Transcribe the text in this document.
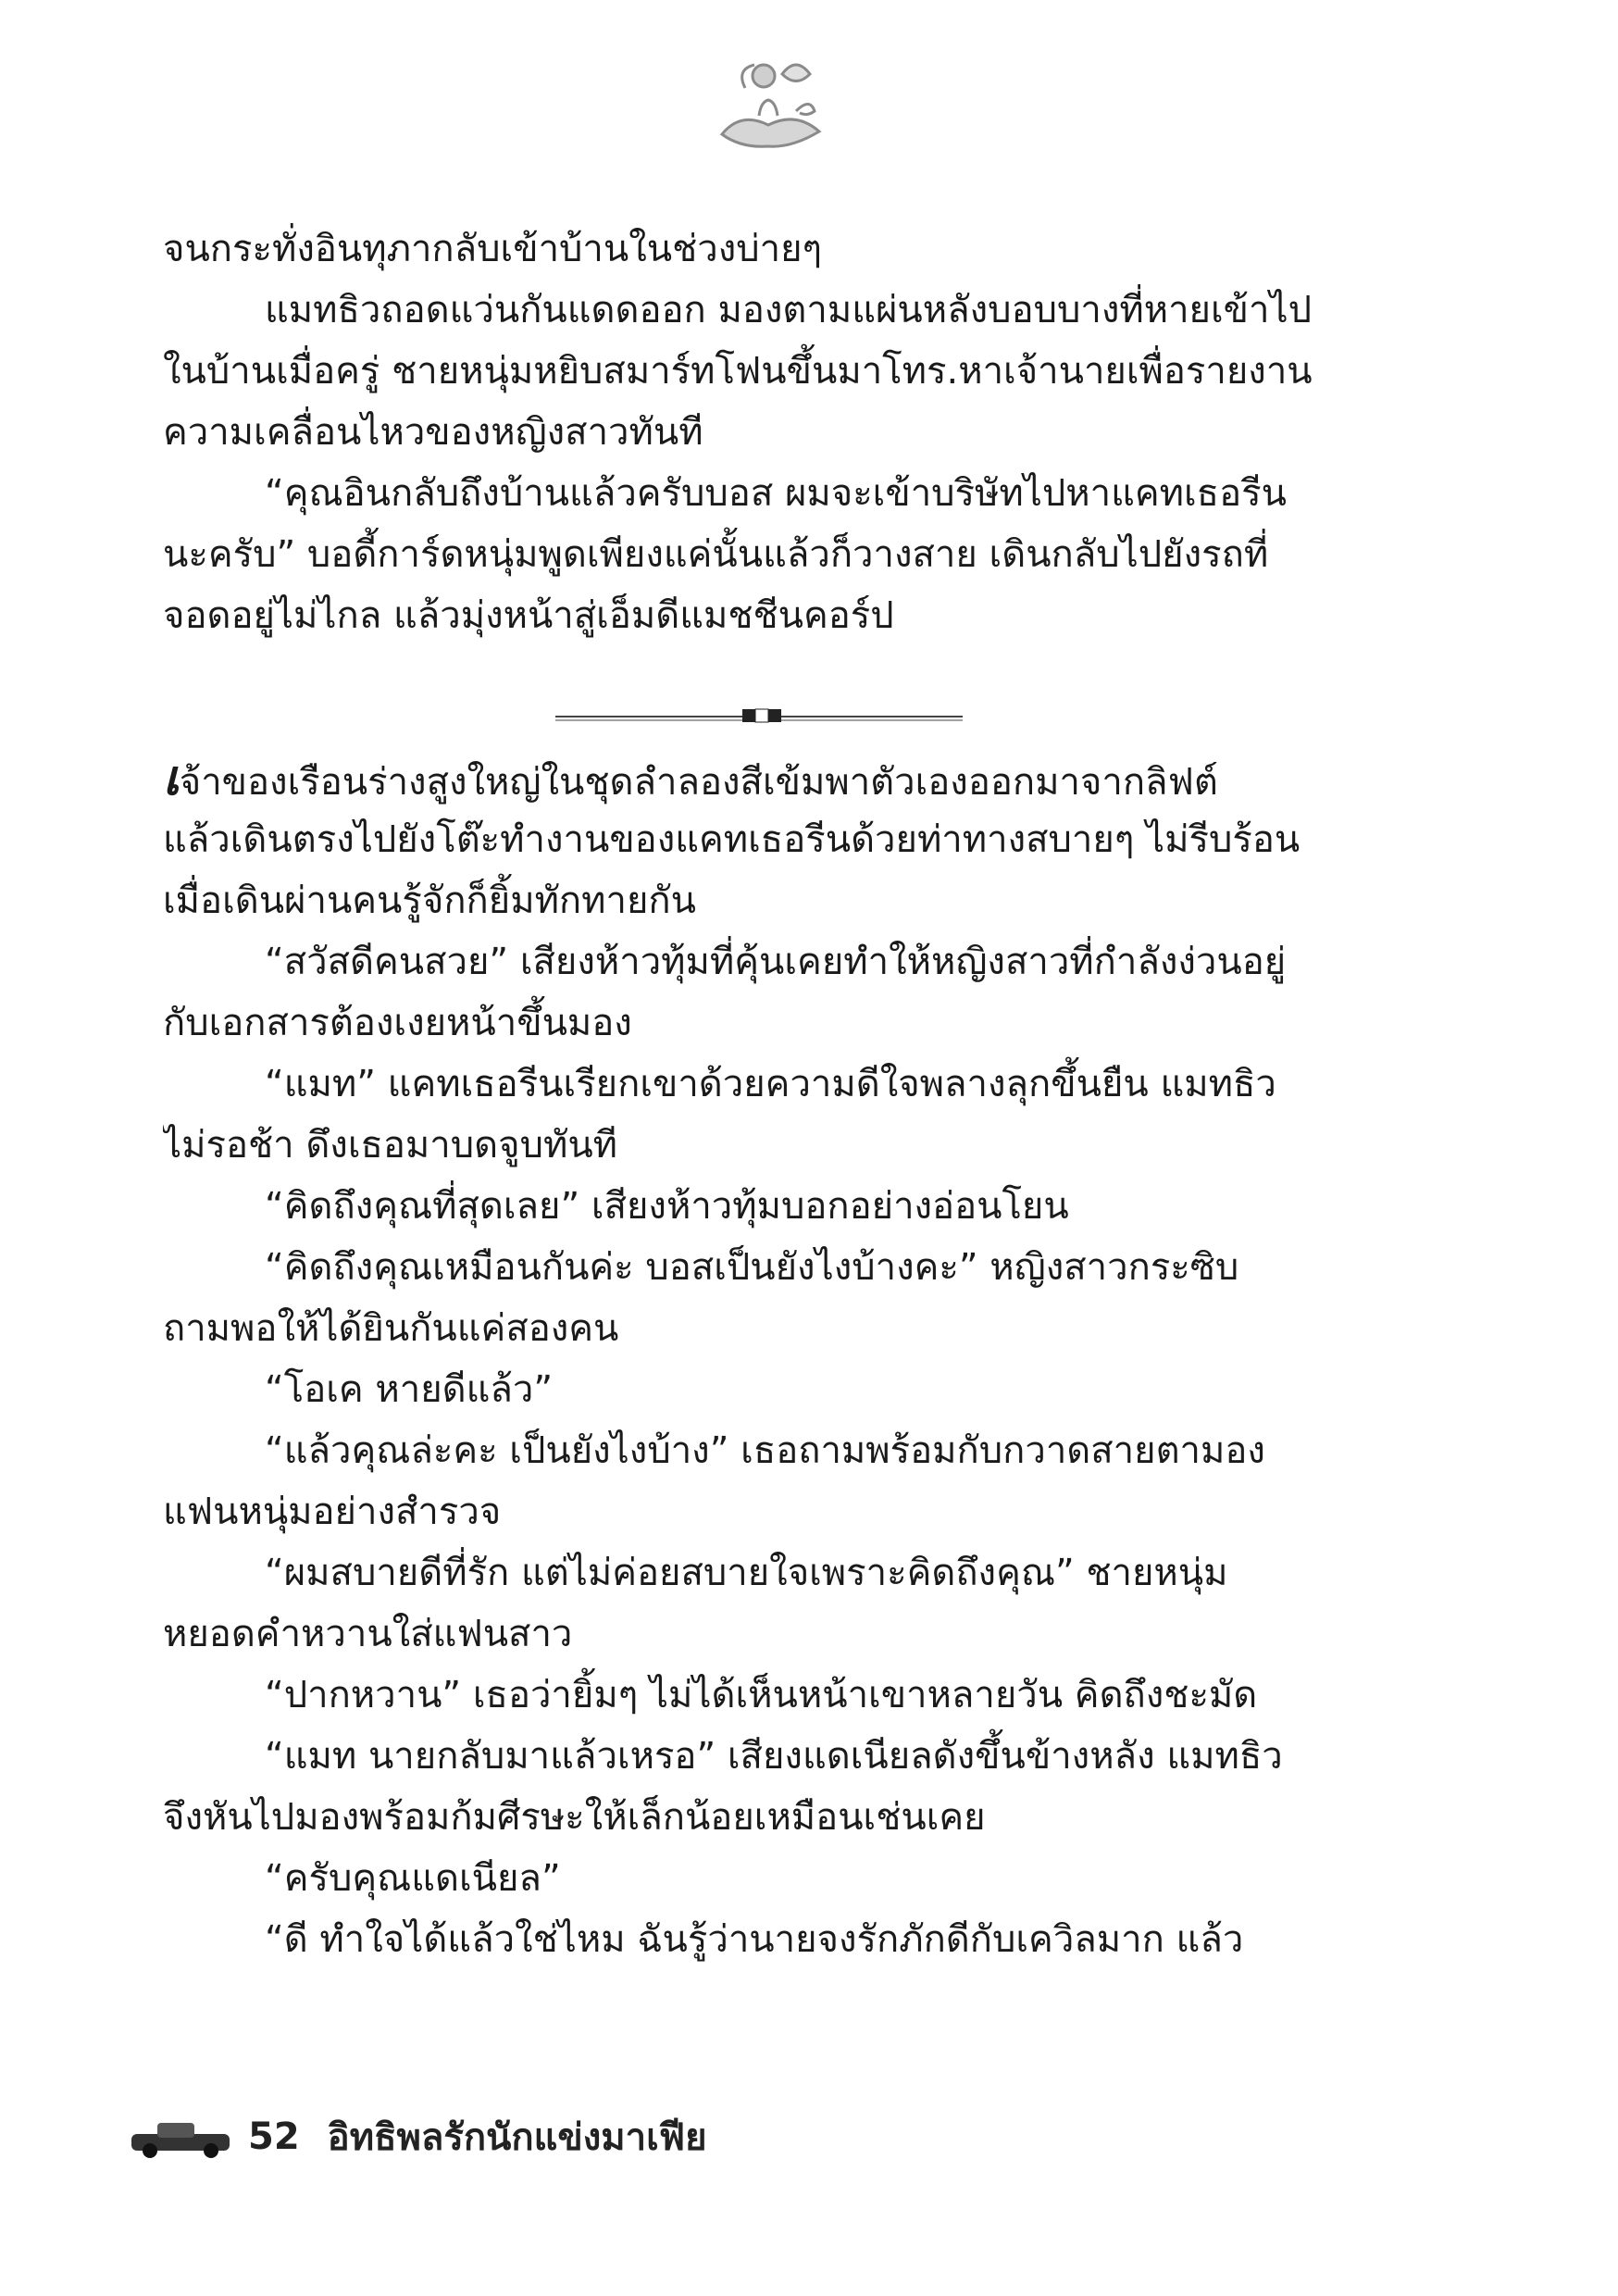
จนกระทั่งอินทุภากลับเข้าบ้านในช่วงบ่ายๆ
แมทธิวถอดแว่นกันแดดออก มองตามแผ่นหลังบอบบางที่หายเข้าไป
ในบ้านเมื่อครู่ ชายหนุ่มหยิบสมาร์ทโฟนขึ้นมาโทร.หาเจ้านายเพื่อรายงาน
ความเคลื่อนไหวของหญิงสาวทันที
“คุณอินกลับถึงบ้านแล้วครับบอส ผมจะเข้าบริษัทไปหาแคทเธอรีน
นะครับ” บอดี้การ์ดหนุ่มพูดเพียงแค่นั้นแล้วก็วางสาย เดินกลับไปยังรถที่
จอดอยู่ไม่ไกล แล้วมุ่งหน้าสู่เอ็มดีแมชชีนคอร์ป
เจ้าของเรือนร่างสูงใหญ่ในชุดลำลองสีเข้มพาตัวเองออกมาจากลิฟต์
แล้วเดินตรงไปยังโต๊ะทำงานของแคทเธอรีนด้วยท่าทางสบายๆ ไม่รีบร้อน
เมื่อเดินผ่านคนรู้จักก็ยิ้มทักทายกัน
“สวัสดีคนสวย” เสียงห้าวทุ้มที่คุ้นเคยทำให้หญิงสาวที่กำลังง่วนอยู่
กับเอกสารต้องเงยหน้าขึ้นมอง
“แมท” แคทเธอรีนเรียกเขาด้วยความดีใจพลางลุกขึ้นยืน แมทธิว
ไม่รอช้า ดึงเธอมาบดจูบทันที
“คิดถึงคุณที่สุดเลย” เสียงห้าวทุ้มบอกอย่างอ่อนโยน
“คิดถึงคุณเหมือนกันค่ะ บอสเป็นยังไงบ้างคะ” หญิงสาวกระซิบ
ถามพอให้ได้ยินกันแค่สองคน
“โอเค หายดีแล้ว”
“แล้วคุณล่ะคะ เป็นยังไงบ้าง” เธอถามพร้อมกับกวาดสายตามอง
แฟนหนุ่มอย่างสำรวจ
“ผมสบายดีที่รัก แต่ไม่ค่อยสบายใจเพราะคิดถึงคุณ” ชายหนุ่ม
หยอดคำหวานใส่แฟนสาว
“ปากหวาน” เธอว่ายิ้มๆ ไม่ได้เห็นหน้าเขาหลายวัน คิดถึงชะมัด
“แมท นายกลับมาแล้วเหรอ” เสียงแดเนียลดังขึ้นข้างหลัง แมทธิว
จึงหันไปมองพร้อมก้มศีรษะให้เล็กน้อยเหมือนเช่นเคย
“ครับคุณแดเนียล”
“ดี ทำใจได้แล้วใช่ไหม ฉันรู้ว่านายจงรักภักดีกับเควิลมาก แล้ว
52 อิทธิพลรักนักแข่งมาเฟีย
